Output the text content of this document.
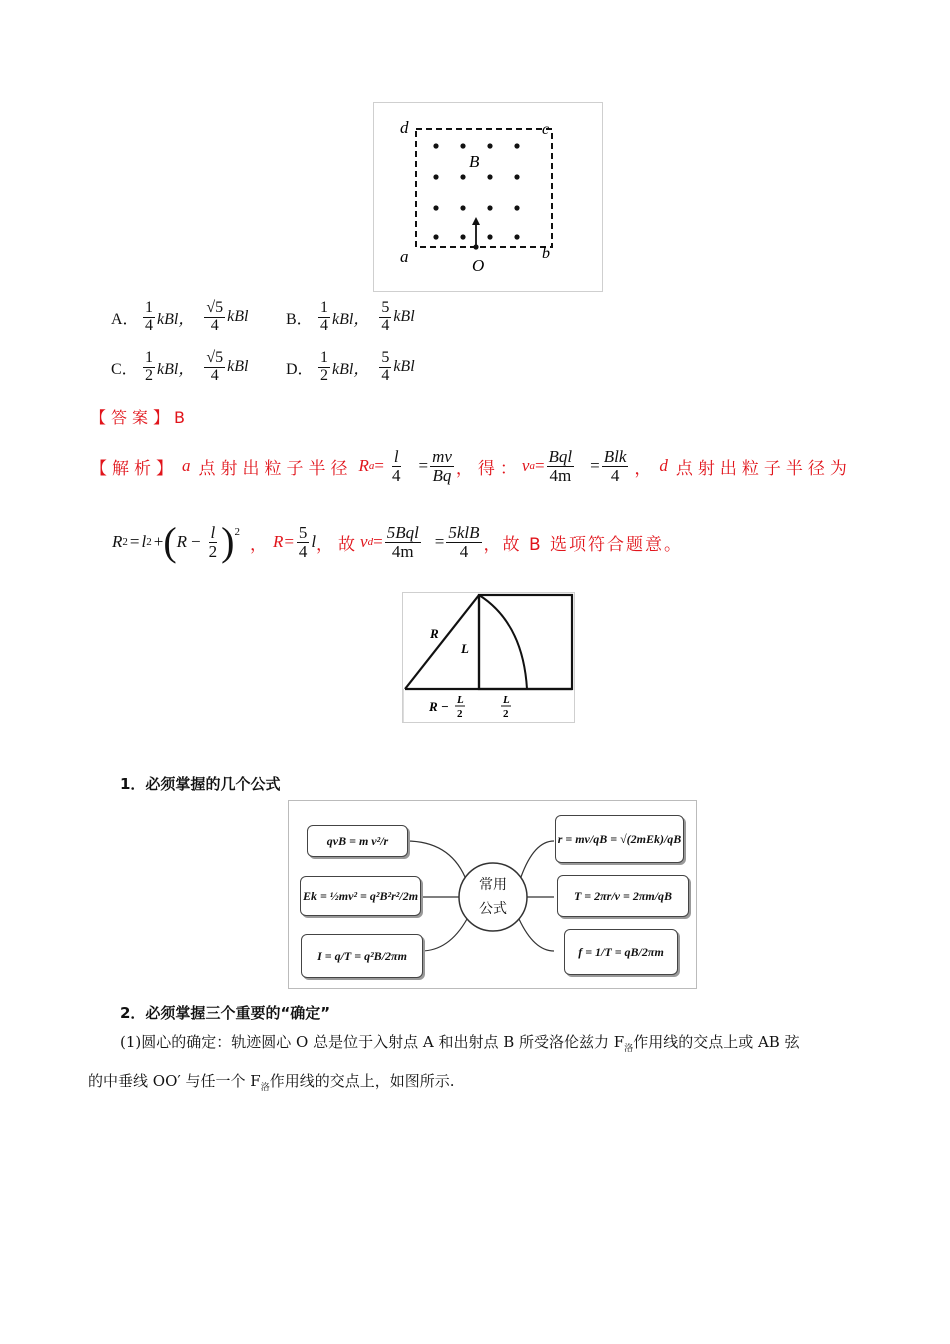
d	c
a	b
B
O
A． $\frac{1}{4}$ kBl， $\frac{√5}{4}$ kBl B． $\frac{1}{4}$ kBl， $\frac{5}{4}$ kBl
C． $\frac{1}{2}$ kBl， $\frac{√5}{4}$ kBl D． $\frac{1}{2}$ kBl， $\frac{5}{4}$ kBl
【答案】B
【解析】 a 点射出粒子半径 R $a = \frac{l}{4} = \frac{mv}{Bq}$ ，得： v $a = \frac{\text{Bql}}{4m} = \frac{\text{Blk}}{4}$ ， d 点射出粒子半径为
R 2 = l 2 + ( $R - \frac{l}{2}$ ) 2
， $R= \frac{5}{4}$ l ，故 v $d = \frac{\text{5Bql}}{4m} = \frac{\text{5klB}}{4}$ ，故 B 选项符合题意。
R
L
R − L
2
L
2
1．必须掌握的几个公式
常用
公式
qvB = m v²/r
Ek = ½mv² = q²B²r²/2m
I = q/T = q²B/2πm
r = mv/qB = √(2mEk)/qB
T = 2πr/v = 2πm/qB
f = 1/T = qB/2πm
2．必须掌握三个重要的“确定”
(1)圆心的确定：轨迹圆心 O 总是位于入射点 A 和出射点 B 所受洛伦兹力 $F_洛$作用线的交点上或 AB 弦
的中垂线 OO′ 与任一个 $F_洛$作用线的交点上，如图所示.
